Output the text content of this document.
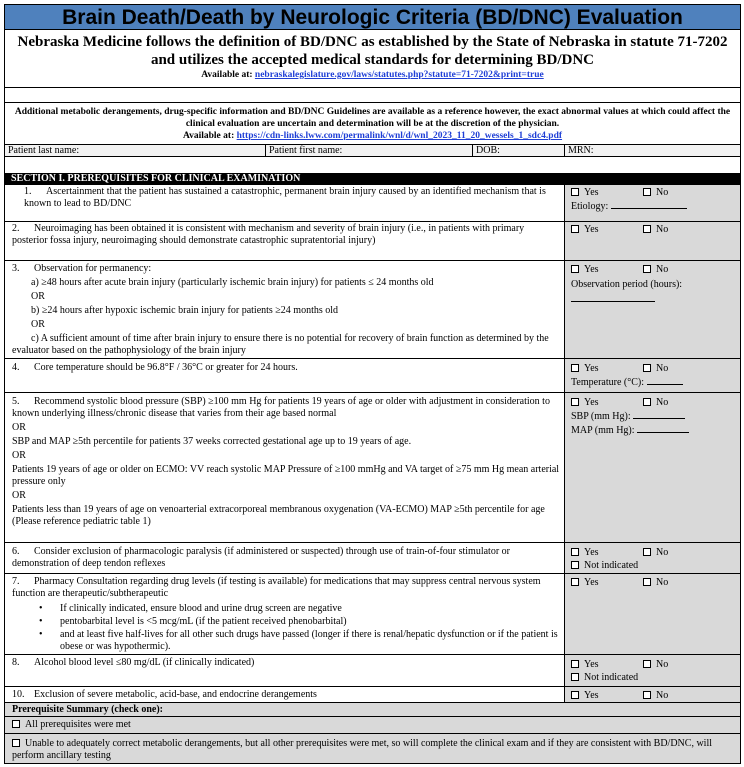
Brain Death/Death by Neurologic Criteria (BD/DNC) Evaluation
Nebraska Medicine follows the definition of BD/DNC as established by the State of Nebraska in statute 71-7202 and utilizes the accepted medical standards for determining BD/DNC
Available at: nebraskalegislature.gov/laws/statutes.php?statute=71-7202&print=true
Additional metabolic derangements, drug-specific information and BD/DNC Guidelines are available as a reference however, the exact abnormal values at which could affect the clinical evaluation are uncertain and determination will be at the discretion of the physician.
Available at: https://cdn-links.lww.com/permalink/wnl/d/wnl_2023_11_20_wessels_1_sdc4.pdf
Patient last name:	Patient first name:	DOB:	MRN:
SECTION I. PREREQUISITES FOR CLINICAL EXAMINATION

1. Ascertainment that the patient has sustained a catastrophic, permanent brain injury caused by an identified mechanism that is known to lead to BD/DNC

Yes	No
Etiology:

2. Neuroimaging has been obtained it is consistent with mechanism and severity of brain injury (i.e., in patients with primary posterior fossa injury, neuroimaging should demonstrate catastrophic supratentorial injury)

Yes	No

3. Observation for permanency:

a) ≥48 hours after acute brain injury (particularly ischemic brain injury) for patients ≤ 24 months old

OR

b) ≥24 hours after hypoxic ischemic brain injury for patients ≥24 months old

OR

c) A sufficient amount of time after brain injury to ensure there is no potential for recovery of brain function as determined by the evaluator based on the pathophysiology of the brain injury

Yes	No
Observation period (hours):

4. Core temperature should be 96.8°F / 36°C or greater for 24 hours.	Yes	No
Temperature (°C):

5. Recommend systolic blood pressure (SBP) ≥100 mm Hg for patients 19 years of age or older with adjustment in consideration to known underlying illness/chronic disease that varies from their age based normal

OR

SBP and MAP ≥5th percentile for patients 37 weeks corrected gestational age up to 19 years of age.

OR

Patients 19 years of age or older on ECMO: VV reach systolic MAP Pressure of ≥100 mmHg and VA target of ≥75 mm Hg mean arterial pressure only

OR

Patients less than 19 years of age on venoarterial extracorporeal membranous oxygenation (VA-ECMO) MAP ≥5th percentile for age (Please reference pediatric table 1)

Yes	No
SBP (mm Hg):
MAP (mm Hg):

6. Consider exclusion of pharmacologic paralysis (if administered or suspected) through use of train-of-four stimulator or demonstration of deep tendon reflexes

Yes	No
Not indicated

7. Pharmacy Consultation regarding drug levels (if testing is available) for medications that may suppress central nervous system function are therapeutic/subtherapeutic

• If clinically indicated, ensure blood and urine drug screen are negative
• pentobarbital level is <5 mcg/mL (if the patient received phenobarbital)
• and at least five half-lives for all other such drugs have passed (longer if there is renal/hepatic dysfunction or if the patient is obese or was hypothermic).
Yes	No

8. Alcohol blood level ≤80 mg/dL (if clinically indicated)	Yes	No
Not indicated

10. Exclusion of severe metabolic, acid-base, and endocrine derangements	Yes	No
Prerequisite Summary (check one):
All prerequisites were met
Unable to adequately correct metabolic derangements, but all other prerequisites were met, so will complete the clinical exam and if they are consistent with BD/DNC, will perform ancillary testing
